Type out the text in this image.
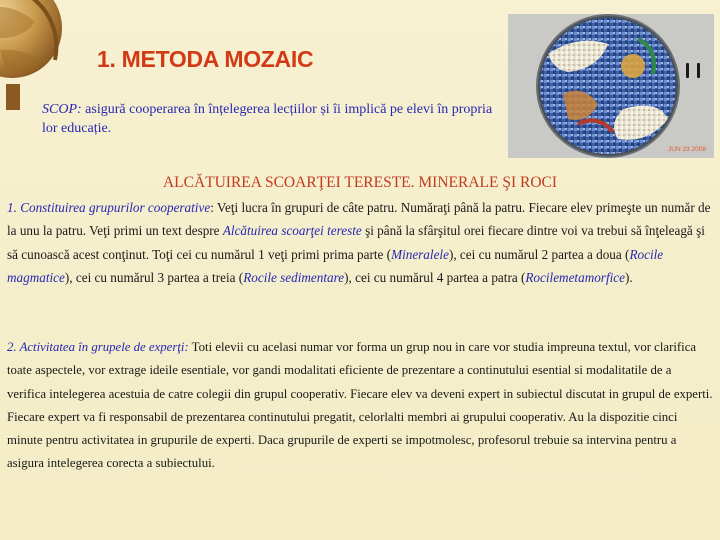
1. METODA MOZAIC
SCOP: asigură cooperarea în înțelegerea lecțiilor și îi implică pe elevi în propria lor educație.
JUN 23 2008
ALCĂTUIREA SCOARŢEI TERESTE. MINERALE ŞI ROCI
1. Constituirea grupurilor cooperative: Veţi lucra în grupuri de câte patru. Număraţi până la patru. Fiecare elev primeşte un număr de la unu la patru. Veţi primi un text despre Alcătuirea scoarţei tereste şi până la sfârşitul orei fiecare dintre voi va trebui să înţeleagă şi să cunoască acest conţinut. Toţi cei cu numărul 1 veţi primi prima parte (Mineralele), cei cu numărul 2 partea a doua (Rocile magmatice), cei cu numărul 3 partea a treia (Rocile sedimentare), cei cu numărul 4 partea a patra (Rocilemetamorfice).
2. Activitatea în grupele de experţi: Toti elevii cu acelasi numar vor forma un grup nou in care vor studia impreuna textul, vor clarifica toate aspectele, vor extrage ideile esentiale, vor gandi modalitati eficiente de prezentare a continutului esential si modalitatile de a verifica intelegerea acestuia de catre colegii din grupul cooperativ. Fiecare elev va deveni expert in subiectul discutat in grupul de experti. Fiecare expert va fi responsabil de prezentarea continutului pregatit, celorlalti membri ai grupului cooperativ. Au la dispozitie cinci minute pentru activitatea in grupurile de experti. Daca grupurile de experti se impotmolesc, profesorul trebuie sa intervina pentru a asigura intelegerea corecta a subiectului.
